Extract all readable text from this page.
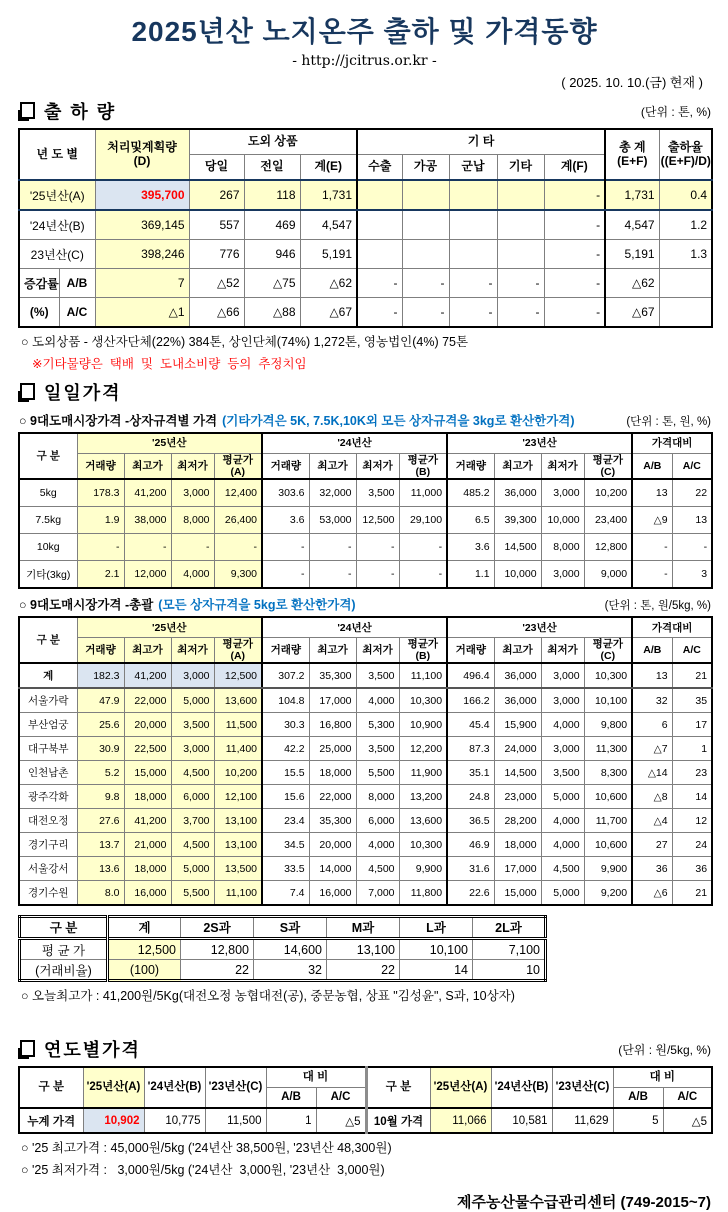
2025년산 노지온주 출하 및 가격동향
- http://jcitrus.or.kr -
( 2025. 10. 10.(금) 현재 )
출 하 량	(단위 : 톤, %)
년 도 별		처리및계획량
(D)	도외 상품			기 타					총 계
(E+F)	출하율
((E+F)/D)
			당일	전일	계(E)	수출	가공	군납	기타	계(F)		
'25년산(A)		395,700	267	118	1,731					-	1,731	0.4
'24년산(B)		369,145	557	469	4,547					-	4,547	1.2
23년산(C)		398,246	776	946	5,191					-	5,191	1.3
증감률	A/B	7	△52	△75	△62	-	-	-	-	-	△62	
(%)	A/C	△1	△66	△88	△67	-	-	-	-	-	△67	
○ 도외상품 - 생산자단체(22%) 384톤, 상인단체(74%) 1,272톤, 영농법인(4%) 75톤
※기타물량은  택배  및  도내소비량  등의  추정치임
일일가격
○ 9대도매시장가격 -상자규격별 가격 (기타가격은 5K, 7.5K,10K외 모든 상자규격을 3kg로 환산한가격)	(단위 : 톤, 원, %)
구 분	'25년산				'24년산				'23년산				가격대비	
	거래량	최고가	최저가	평균가(A)	거래량	최고가	최저가	평균가(B)	거래량	최고가	최저가	평균가(C)	A/B	A/C
5kg	178.3	41,200	3,000	12,400	303.6	32,000	3,500	11,000	485.2	36,000	3,000	10,200	13	22
7.5kg	1.9	38,000	8,000	26,400	3.6	53,000	12,500	29,100	6.5	39,300	10,000	23,400	△9	13
10kg	-	-	-	-	-	-	-	-	3.6	14,500	8,000	12,800	-	-
기타(3kg)	2.1	12,000	4,000	9,300	-	-	-	-	1.1	10,000	3,000	9,000	-	3
○ 9대도매시장가격 -총괄 (모든 상자규격을 5kg로 환산한가격)	(단위 : 톤, 원/5kg, %)
구 분	'25년산				'24년산				'23년산				가격대비	
	거래량	최고가	최저가	평균가(A)	거래량	최고가	최저가	평균가(B)	거래량	최고가	최저가	평균가(C)	A/B	A/C
계	182.3	41,200	3,000	12,500	307.2	35,300	3,500	11,100	496.4	36,000	3,000	10,300	13	21
서울가락	47.9	22,000	5,000	13,600	104.8	17,000	4,000	10,300	166.2	36,000	3,000	10,100	32	35
부산엄궁	25.6	20,000	3,500	11,500	30.3	16,800	5,300	10,900	45.4	15,900	4,000	9,800	6	17
대구북부	30.9	22,500	3,000	11,400	42.2	25,000	3,500	12,200	87.3	24,000	3,000	11,300	△7	1
인천남촌	5.2	15,000	4,500	10,200	15.5	18,000	5,500	11,900	35.1	14,500	3,500	8,300	△14	23
광주각화	9.8	18,000	6,000	12,100	15.6	22,000	8,000	13,200	24.8	23,000	5,000	10,600	△8	14
대전오정	27.6	41,200	3,700	13,100	23.4	35,300	6,000	13,600	36.5	28,200	4,000	11,700	△4	12
경기구리	13.7	21,000	4,500	13,100	34.5	20,000	4,000	10,300	46.9	18,000	4,000	10,600	27	24
서울강서	13.6	18,000	5,000	13,500	33.5	14,000	4,500	9,900	31.6	17,000	4,500	9,900	36	36
경기수원	8.0	16,000	5,500	11,100	7.4	16,000	7,000	11,800	22.6	15,000	5,000	9,200	△6	21
구 분	계	2S과	S과	M과	L과	2L과
평 균 가	12,500	12,800	14,600	13,100	10,100	7,100
(거래비율)	(100)	22	32	22	14	10
○ 오늘최고가 : 41,200원/5Kg(대전오정 농협대전(공), 중문농협, 상표 "김성윤", S과, 10상자)
연도별가격	(단위 : 원/5kg, %)
구 분	'25년산(A)	'24년산(B)	'23년산(C)	대 비		구 분	'25년산(A)	'24년산(B)	'23년산(C)	대 비	
				A/B	A/C					A/B	A/C
누계 가격	10,902	10,775	11,500	1	△5	10월 가격	11,066	10,581	11,629	5	△5
○ '25 최고가격 : 45,000원/5kg ('24년산 38,500원, '23년산 48,300원)
○ '25 최저가격 :   3,000원/5kg ('24년산  3,000원, '23년산  3,000원)
제주농산물수급관리센터 (749-2015~7)
